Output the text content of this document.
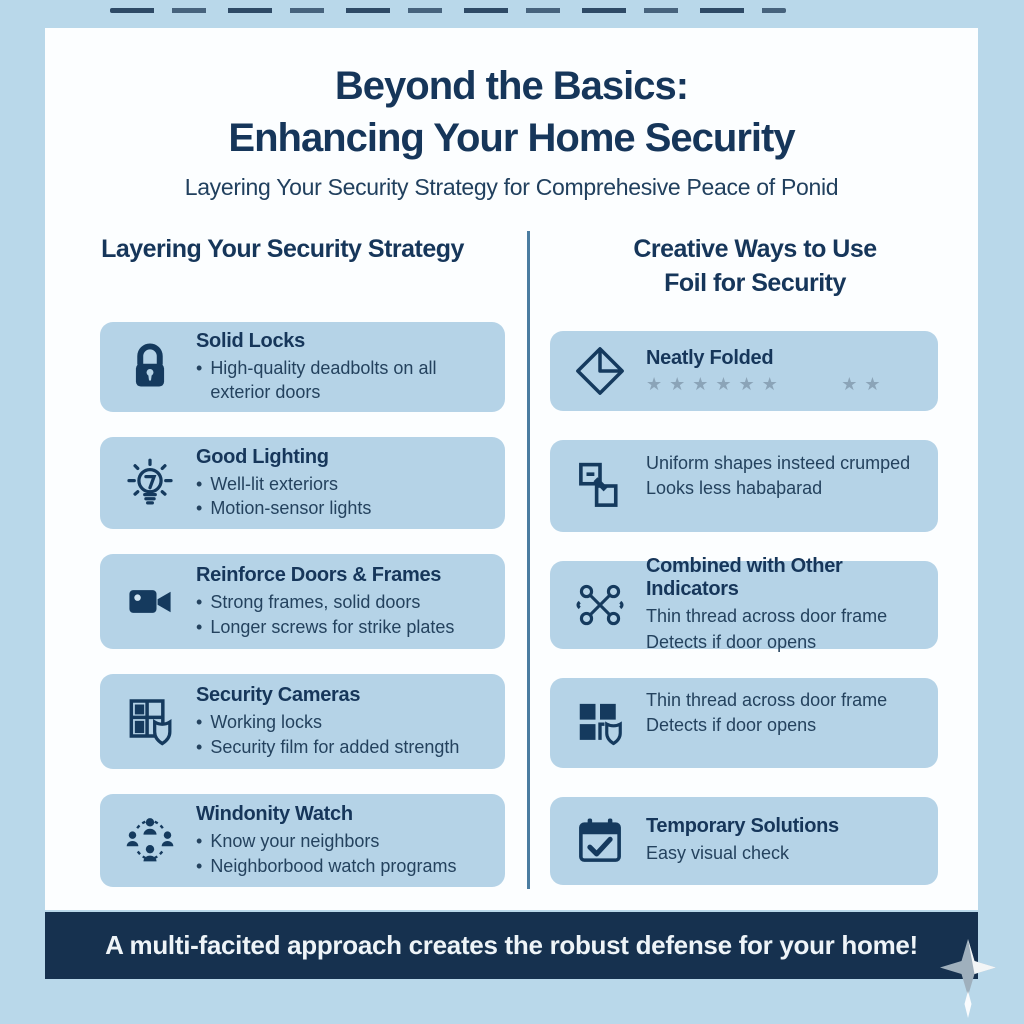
Beyond the Basics:
Enhancing Your Home Security
Layering Your Security Strategy for Comprehesive Peace of Ponid
Layering Your Security Strategy	Creative Ways to Use
Foil for Security
Solid Locks
• High-quality deadbolts on all exterior doors
Good Lighting
• Well-lit exteriors
• Motion-sensor lights
Reinforce Doors & Frames
• Strong frames, solid doors
• Longer screws for strike plates
Security Cameras
• Working locks
• Security film for added strength
Windonity Watch
• Know your neighbors
• Neighborbood watch programs
Neatly Folded
★★★★★★	★★
Uniform shapes insteed crumped
Looks less habaþarad
Combined with Other Indicators
Thin thread across door frame
Detects if door opens
Thin thread across door frame
Detects if door opens
Temporary Solutions
Easy visual check
A multi-facited approach creates the robust defense for your home!
